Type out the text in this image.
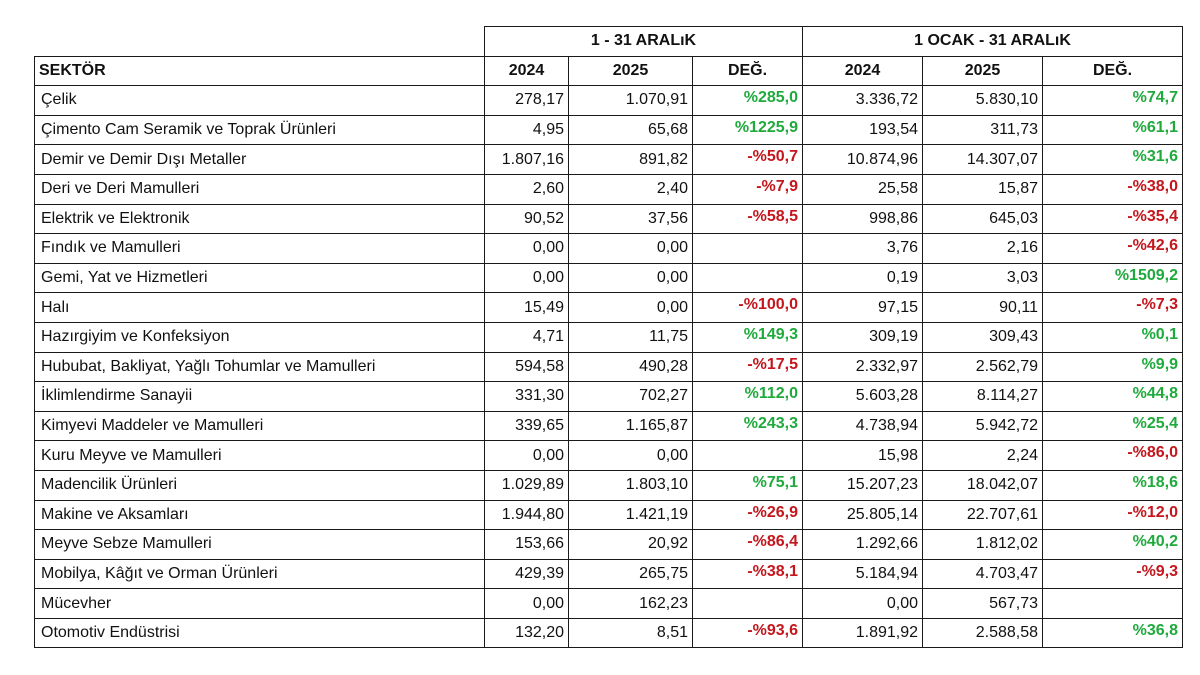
	1 - 31 ARALıK			1 OCAK - 31 ARALıK		
SEKTÖR	2024	2025	DEĞ.	2024	2025	DEĞ.
Çelik	278,17	1.070,91	%285,0	3.336,72	5.830,10	%74,7
Çimento Cam Seramik ve Toprak Ürünleri	4,95	65,68	%1225,9	193,54	311,73	%61,1
Demir ve Demir Dışı Metaller	1.807,16	891,82	-%50,7	10.874,96	14.307,07	%31,6
Deri ve Deri Mamulleri	2,60	2,40	-%7,9	25,58	15,87	-%38,0
Elektrik ve Elektronik	90,52	37,56	-%58,5	998,86	645,03	-%35,4
Fındık ve Mamulleri	0,00	0,00		3,76	2,16	-%42,6
Gemi, Yat ve Hizmetleri	0,00	0,00		0,19	3,03	%1509,2
Halı	15,49	0,00	-%100,0	97,15	90,11	-%7,3
Hazırgiyim ve Konfeksiyon	4,71	11,75	%149,3	309,19	309,43	%0,1
Hububat, Bakliyat, Yağlı Tohumlar ve Mamulleri	594,58	490,28	-%17,5	2.332,97	2.562,79	%9,9
İklimlendirme Sanayii	331,30	702,27	%112,0	5.603,28	8.114,27	%44,8
Kimyevi Maddeler ve Mamulleri	339,65	1.165,87	%243,3	4.738,94	5.942,72	%25,4
Kuru Meyve ve Mamulleri	0,00	0,00		15,98	2,24	-%86,0
Madencilik Ürünleri	1.029,89	1.803,10	%75,1	15.207,23	18.042,07	%18,6
Makine ve Aksamları	1.944,80	1.421,19	-%26,9	25.805,14	22.707,61	-%12,0
Meyve Sebze Mamulleri	153,66	20,92	-%86,4	1.292,66	1.812,02	%40,2
Mobilya, Kâğıt ve Orman Ürünleri	429,39	265,75	-%38,1	5.184,94	4.703,47	-%9,3
Mücevher	0,00	162,23		0,00	567,73	
Otomotiv Endüstrisi	132,20	8,51	-%93,6	1.891,92	2.588,58	%36,8
